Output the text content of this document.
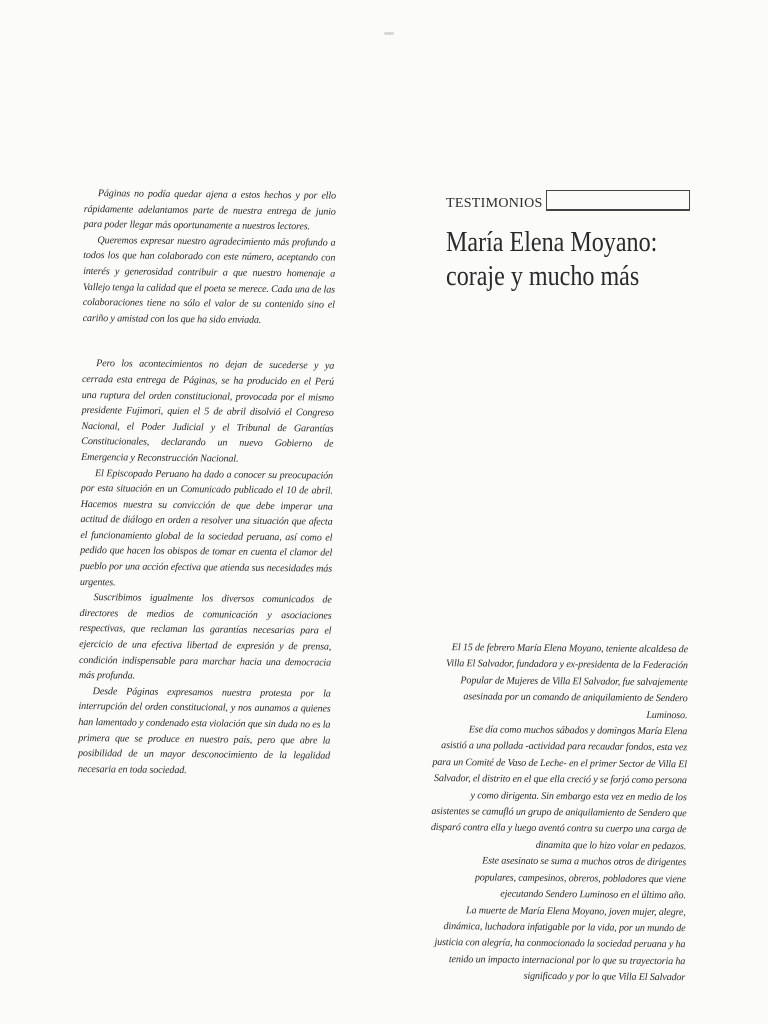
Páginas no podía quedar ajena a estos hechos y por ello rápidamente adelantamos parte de nuestra entrega de junio para poder llegar más oportunamente a nuestros lectores.

Queremos expresar nuestro agradecimiento más profundo a todos los que han colaborado con este número, aceptando con interés y generosidad contribuir a que nuestro homenaje a Vallejo tenga la calidad que el poeta se merece. Cada una de las colaboraciones tiene no sólo el valor de su contenido sino el cariño y amistad con los que ha sido enviada.

Pero los acontecimientos no dejan de sucederse y ya cerrada esta entrega de Páginas, se ha producido en el Perú una ruptura del orden constitucional, provocada por el mismo presidente Fujimori, quien el 5 de abril disolvió el Congreso Nacional, el Poder Judicial y el Tribunal de Garantías Constitucionales, declarando un nuevo Gobierno de Emergencia y Reconstrucción Nacional.

El Episcopado Peruano ha dado a conocer su preocupación por esta situación en un Comunicado publicado el 10 de abril. Hacemos nuestra su convicción de que debe imperar una actitud de diálogo en orden a resolver una situación que afecta el funcionamiento global de la sociedad peruana, así como el pedido que hacen los obispos de tomar en cuenta el clamor del pueblo por una acción efectiva que atienda sus necesidades más urgentes.

Suscribimos igualmente los diversos comunicados de directores de medios de comunicación y asociaciones respectivas, que reclaman las garantías necesarias para el ejercicio de una efectiva libertad de expresión y de prensa, condición indispensable para marchar hacia una democracia más profunda.

Desde Páginas expresamos nuestra protesta por la interrupción del orden constitucional, y nos aunamos a quienes han lamentado y condenado esta violación que sin duda no es la primera que se produce en nuestro país, pero que abre la posibilidad de un mayor desconocimiento de la legalidad necesaria en toda sociedad.

TESTIMONIOS
María Elena Moyano:
coraje y mucho más

El 15 de febrero María Elena Moyano, teniente alcaldesa de Villa El Salvador, fundadora y ex-presidenta de la Federación Popular de Mujeres de Villa El Salvador, fue salvajemente asesinada por un comando de aniquilamiento de Sendero Luminoso.

Ese día como muchos sábados y domingos María Elena asistió a una pollada -actividad para recaudar fondos, esta vez para un Comité de Vaso de Leche- en el primer Sector de Villa El Salvador, el distrito en el que ella creció y se forjó como persona y como dirigenta. Sin embargo esta vez en medio de los asistentes se camufló un grupo de aniquilamiento de Sendero que disparó contra ella y luego aventó contra su cuerpo una carga de dinamita que lo hizo volar en pedazos.

Este asesinato se suma a muchos otros de dirigentes populares, campesinos, obreros, pobladores que viene ejecutando Sendero Luminoso en el último año.

La muerte de María Elena Moyano, joven mujer, alegre, dinámica, luchadora infatigable por la vida, por un mundo de justicia con alegría, ha conmocionado la sociedad peruana y ha tenido un impacto internacional por lo que su trayectoria ha significado y por lo que Villa El Salvador
